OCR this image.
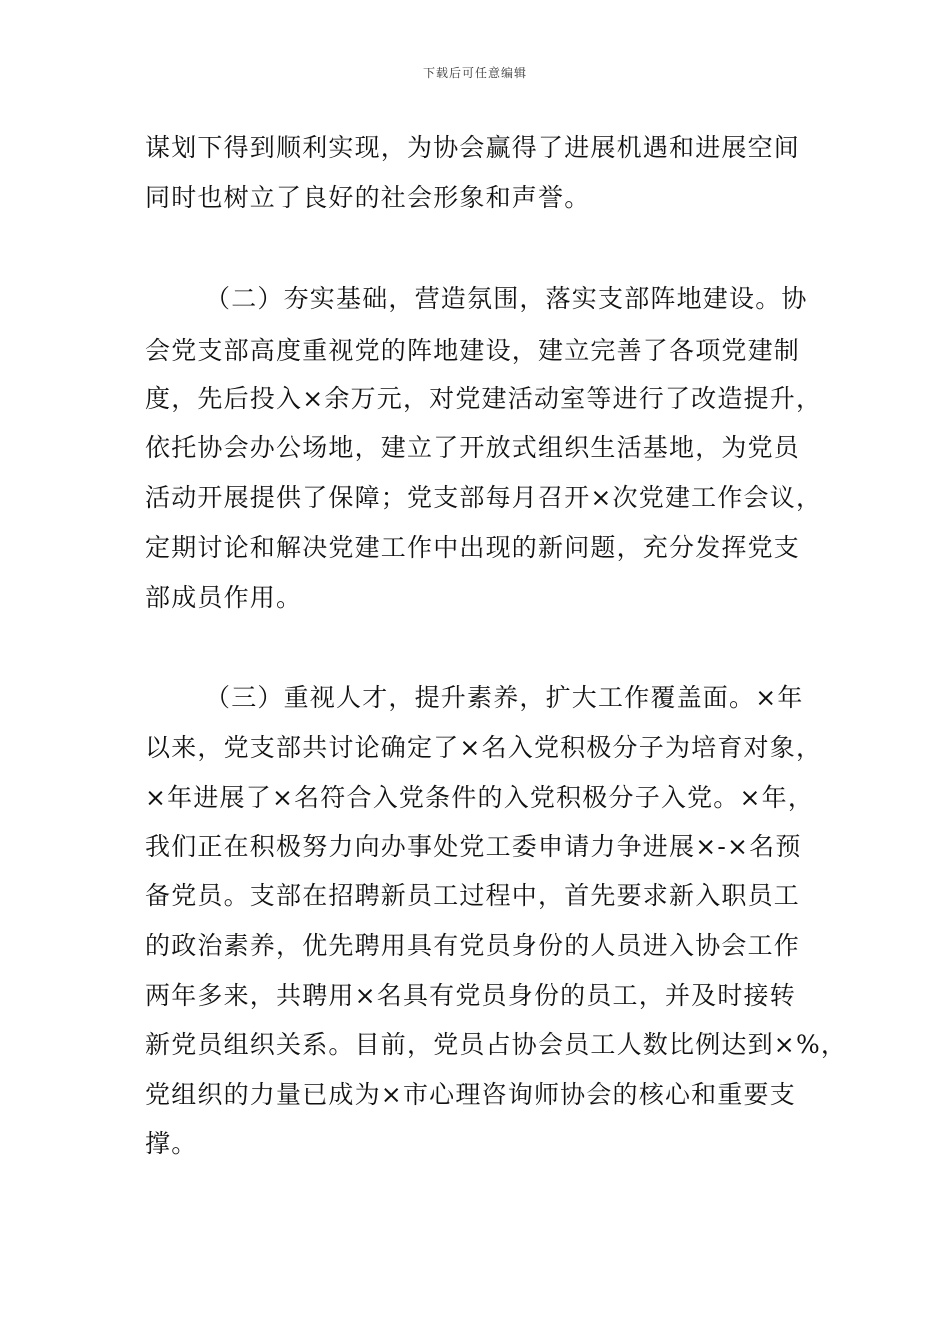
下载后可任意编辑
谋划下得到顺利实现，为协会赢得了进展机遇和进展空间
同时也树立了良好的社会形象和声誉。
（二）夯实基础，营造氛围，落实支部阵地建设。协
会党支部高度重视党的阵地建设，建立完善了各项党建制
度，先后投入×余万元，对党建活动室等进行了改造提升，
依托协会办公场地，建立了开放式组织生活基地，为党员
活动开展提供了保障；党支部每月召开×次党建工作会议，
定期讨论和解决党建工作中出现的新问题，充分发挥党支
部成员作用。
（三）重视人才，提升素养，扩大工作覆盖面。×年
以来，党支部共讨论确定了×名入党积极分子为培育对象，
×年进展了×名符合入党条件的入党积极分子入党。×年，
我们正在积极努力向办事处党工委申请力争进展×-×名预
备党员。支部在招聘新员工过程中，首先要求新入职员工
的政治素养，优先聘用具有党员身份的人员进入协会工作
两年多来，共聘用×名具有党员身份的员工，并及时接转
新党员组织关系。目前，党员占协会员工人数比例达到×%，
党组织的力量已成为×市心理咨询师协会的核心和重要支
撑。
